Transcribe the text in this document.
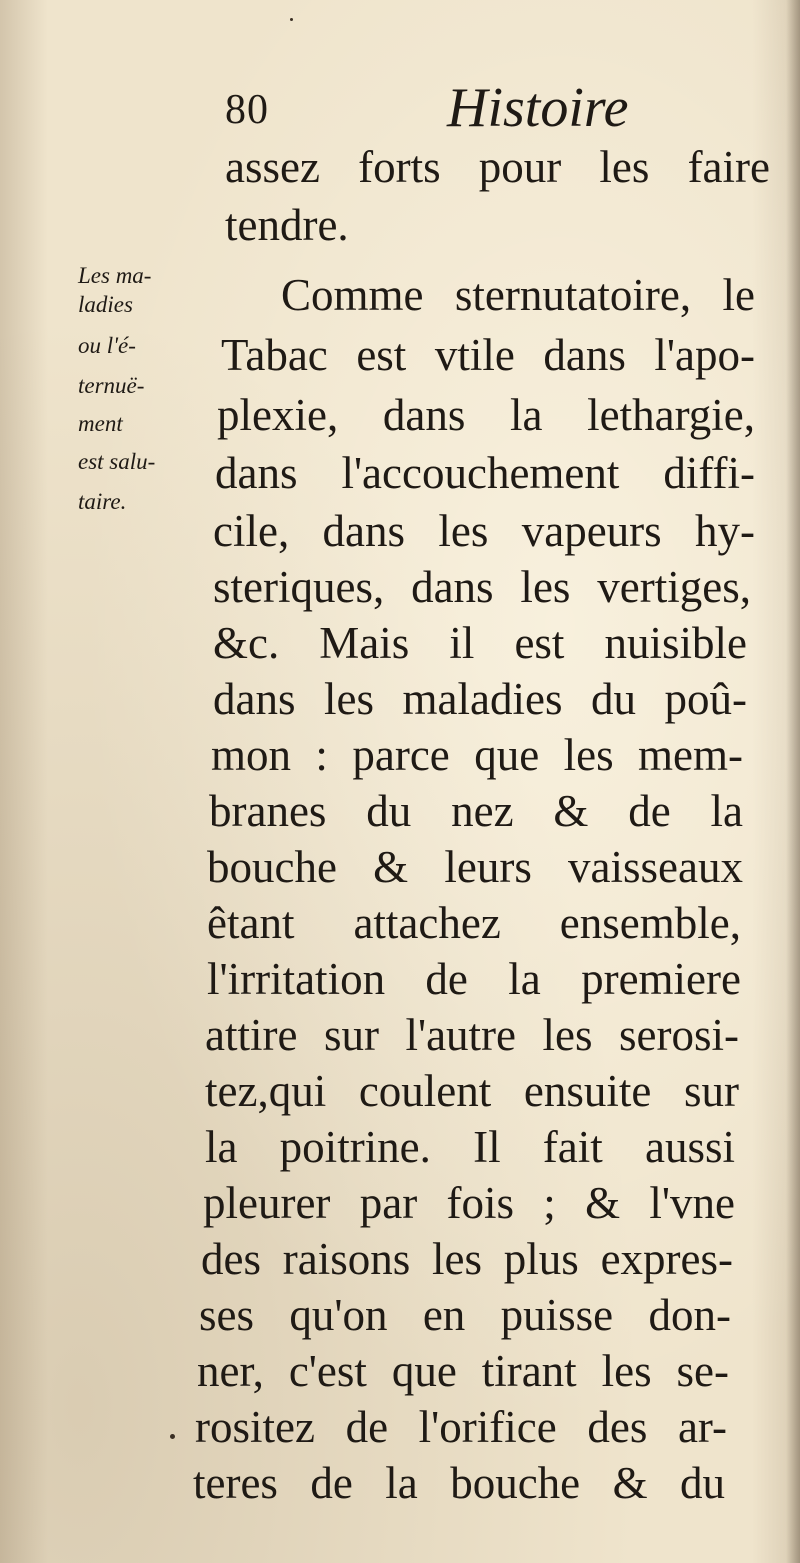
80	Histoire
Les ma-
ladies
ou l'é-
ternuë-
ment
est salu-
taire.
assez forts pour les faire
tendre.
Comme sternutatoire, le
Tabac est vtile dans l'apo-
plexie, dans la lethargie,
dans l'accouchement diffi-
cile, dans les vapeurs hy-
steriques, dans les vertiges,
&c. Mais il est nuisible
dans les maladies du poû-
mon : parce que les mem-
branes du nez & de la
bouche & leurs vaisseaux
êtant attachez ensemble,
l'irritation de la premiere
attire sur l'autre les serosi-
tez,qui coulent ensuite sur
la poitrine. Il fait aussi
pleurer par fois ; & l'vne
des raisons les plus expres-
ses qu'on en puisse don-
ner, c'est que tirant les se-
rositez de l'orifice des ar-
teres de la bouche & du
